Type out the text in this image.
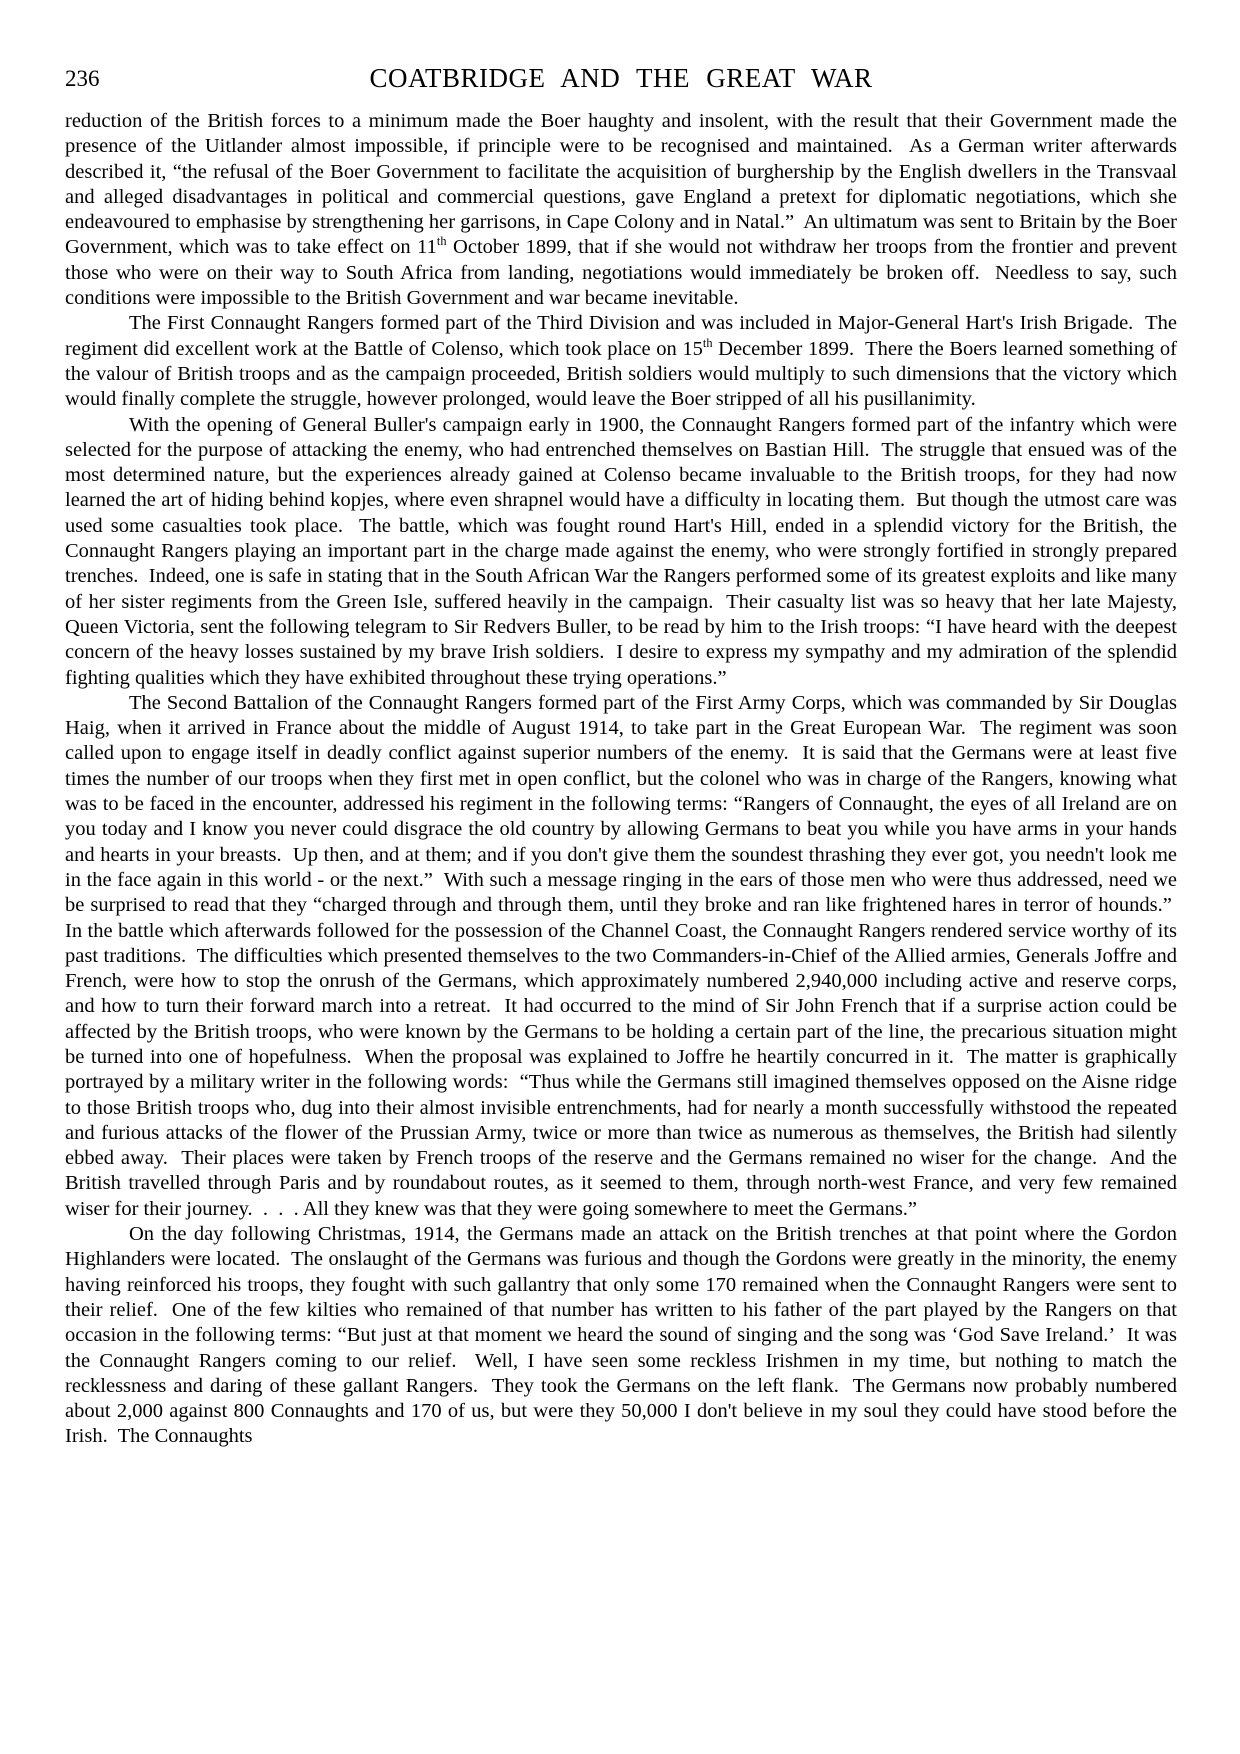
236	COATBRIDGE AND THE GREAT WAR

reduction of the British forces to a minimum made the Boer haughty and insolent, with the result that their Government made the presence of the Uitlander almost impossible, if principle were to be recognised and maintained.  As a German writer afterwards described it, “the refusal of the Boer Government to facilitate the acquisition of burghership by the English dwellers in the Transvaal and alleged disadvantages in political and commercial questions, gave England a pretext for diplomatic negotiations, which she endeavoured to emphasise by strengthening her garrisons, in Cape Colony and in Natal.”  An ultimatum was sent to Britain by the Boer Government, which was to take effect on 11th October 1899, that if she would not withdraw her troops from the frontier and prevent those who were on their way to South Africa from landing, negotiations would immediately be broken off.  Needless to say, such conditions were impossible to the British Government and war became inevitable.

The First Connaught Rangers formed part of the Third Division and was included in Major-General Hart's Irish Brigade.  The regiment did excellent work at the Battle of Colenso, which took place on 15th December 1899.  There the Boers learned something of the valour of British troops and as the campaign proceeded, British soldiers would multiply to such dimensions that the victory which would finally complete the struggle, however prolonged, would leave the Boer stripped of all his pusillanimity.

With the opening of General Buller's campaign early in 1900, the Connaught Rangers formed part of the infantry which were selected for the purpose of attacking the enemy, who had entrenched themselves on Bastian Hill.  The struggle that ensued was of the most determined nature, but the experiences already gained at Colenso became invaluable to the British troops, for they had now learned the art of hiding behind kopjes, where even shrapnel would have a difficulty in locating them.  But though the utmost care was used some casualties took place.  The battle, which was fought round Hart's Hill, ended in a splendid victory for the British, the Connaught Rangers playing an important part in the charge made against the enemy, who were strongly fortified in strongly prepared trenches.  Indeed, one is safe in stating that in the South African War the Rangers performed some of its greatest exploits and like many of her sister regiments from the Green Isle, suffered heavily in the campaign.  Their casualty list was so heavy that her late Majesty, Queen Victoria, sent the following telegram to Sir Redvers Buller, to be read by him to the Irish troops: “I have heard with the deepest concern of the heavy losses sustained by my brave Irish soldiers.  I desire to express my sympathy and my admiration of the splendid fighting qualities which they have exhibited throughout these trying operations.”

The Second Battalion of the Connaught Rangers formed part of the First Army Corps, which was commanded by Sir Douglas Haig, when it arrived in France about the middle of August 1914, to take part in the Great European War.  The regiment was soon called upon to engage itself in deadly conflict against superior numbers of the enemy.  It is said that the Germans were at least five times the number of our troops when they first met in open conflict, but the colonel who was in charge of the Rangers, knowing what was to be faced in the encounter, addressed his regiment in the following terms: “Rangers of Connaught, the eyes of all Ireland are on you today and I know you never could disgrace the old country by allowing Germans to beat you while you have arms in your hands and hearts in your breasts.  Up then, and at them; and if you don't give them the soundest thrashing they ever got, you needn't look me in the face again in this world - or the next.”  With such a message ringing in the ears of those men who were thus addressed, need we be surprised to read that they “charged through and through them, until they broke and ran like frightened hares in terror of hounds.”  In the battle which afterwards followed for the possession of the Channel Coast, the Connaught Rangers rendered service worthy of its past traditions.  The difficulties which presented themselves to the two Commanders-in-Chief of the Allied armies, Generals Joffre and French, were how to stop the onrush of the Germans, which approximately numbered 2,940,000 including active and reserve corps, and how to turn their forward march into a retreat.  It had occurred to the mind of Sir John French that if a surprise action could be affected by the British troops, who were known by the Germans to be holding a certain part of the line, the precarious situation might be turned into one of hopefulness.  When the proposal was explained to Joffre he heartily concurred in it.  The matter is graphically portrayed by a military writer in the following words:  “Thus while the Germans still imagined themselves opposed on the Aisne ridge to those British troops who, dug into their almost invisible entrenchments, had for nearly a month successfully withstood the repeated and furious attacks of the flower of the Prussian Army, twice or more than twice as numerous as themselves, the British had silently ebbed away.  Their places were taken by French troops of the reserve and the Germans remained no wiser for the change.  And the British travelled through Paris and by roundabout routes, as it seemed to them, through north-west France, and very few remained wiser for their journey.  .  .  . All they knew was that they were going somewhere to meet the Germans.”

On the day following Christmas, 1914, the Germans made an attack on the British trenches at that point where the Gordon Highlanders were located.  The onslaught of the Germans was furious and though the Gordons were greatly in the minority, the enemy having reinforced his troops, they fought with such gallantry that only some 170 remained when the Connaught Rangers were sent to their relief.  One of the few kilties who remained of that number has written to his father of the part played by the Rangers on that occasion in the following terms: “But just at that moment we heard the sound of singing and the song was ‘God Save Ireland.’  It was the Connaught Rangers coming to our relief.  Well, I have seen some reckless Irishmen in my time, but nothing to match the recklessness and daring of these gallant Rangers.  They took the Germans on the left flank.  The Germans now probably numbered about 2,000 against 800 Connaughts and 170 of us, but were they 50,000 I don't believe in my soul they could have stood before the Irish.  The Connaughts
